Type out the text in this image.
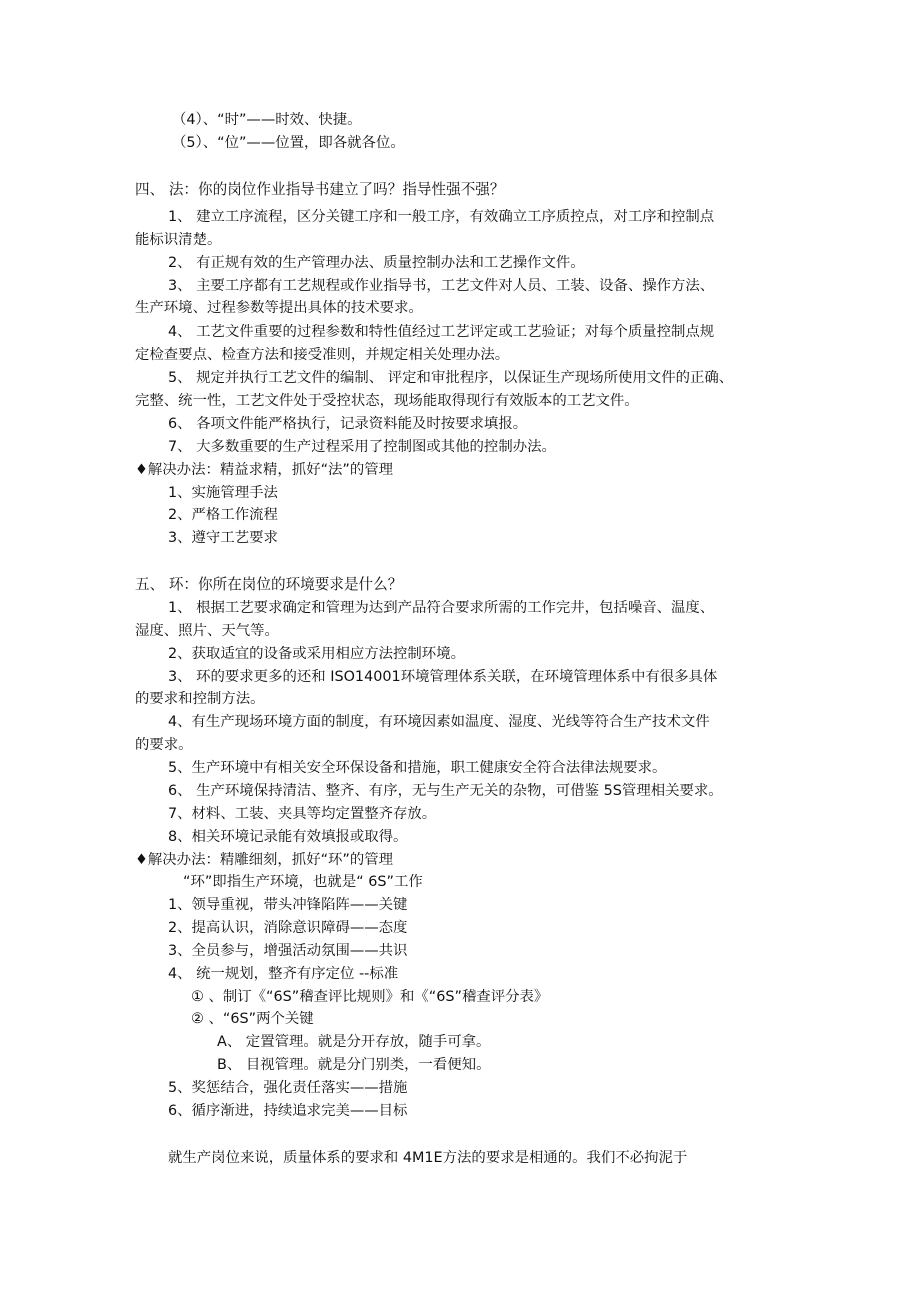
（4）、“时”——时效、快捷。
（5）、“位”——位置，即各就各位。
四、 法：你的岗位作业指导书建立了吗？指导性强不强？
1、 建立工序流程，区分关键工序和一般工序，有效确立工序质控点，对工序和控制点
能标识清楚。
2、 有正规有效的生产管理办法、质量控制办法和工艺操作文件。
3、 主要工序都有工艺规程或作业指导书，工艺文件对人员、工装、设备、操作方法、
生产环境、过程参数等提出具体的技术要求。
4、 工艺文件重要的过程参数和特性值经过工艺评定或工艺验证；对每个质量控制点规
定检查要点、检查方法和接受准则，并规定相关处理办法。
5、 规定并执行工艺文件的编制、 评定和审批程序，以保证生产现场所使用文件的正确、
完整、统一性，工艺文件处于受控状态，现场能取得现行有效版本的工艺文件。
6、 各项文件能严格执行，记录资料能及时按要求填报。
7、 大多数重要的生产过程采用了控制图或其他的控制办法。
♦解决办法：精益求精，抓好“法”的管理
1、实施管理手法
2、严格工作流程
3、遵守工艺要求
五、 环：你所在岗位的环境要求是什么？
1、 根据工艺要求确定和管理为达到产品符合要求所需的工作完井，包括噪音、温度、
湿度、照片、天气等。
2、获取适宜的设备或采用相应方法控制环境。
3、 环的要求更多的还和 ISO14001环境管理体系关联，在环境管理体系中有很多具体
的要求和控制方法。
4、有生产现场环境方面的制度，有环境因素如温度、湿度、光线等符合生产技术文件
的要求。
5、生产环境中有相关安全环保设备和措施，职工健康安全符合法律法规要求。
6、 生产环境保持清洁、整齐、有序，无与生产无关的杂物，可借鉴 5S管理相关要求。
7、材料、工装、夹具等均定置整齐存放。
8、相关环境记录能有效填报或取得。
♦解决办法：精雕细刻，抓好“环”的管理
“环”即指生产环境，也就是“ 6S”工作
1、领导重视，带头冲锋陷阵——关键
2、提高认识，消除意识障碍——态度
3、全员参与，增强活动氛围——共识
4、 统一规划，整齐有序定位 --标准
① 、制订《“6S”稽查评比规则》和《“6S”稽查评分表》
② 、“6S”两个关键
A、 定置管理。就是分开存放，随手可拿。
B、 目视管理。就是分门别类，一看便知。
5、奖惩结合，强化责任落实——措施
6、循序渐进，持续追求完美——目标
就生产岗位来说，质量体系的要求和 4M1E方法的要求是相通的。我们不必拘泥于
